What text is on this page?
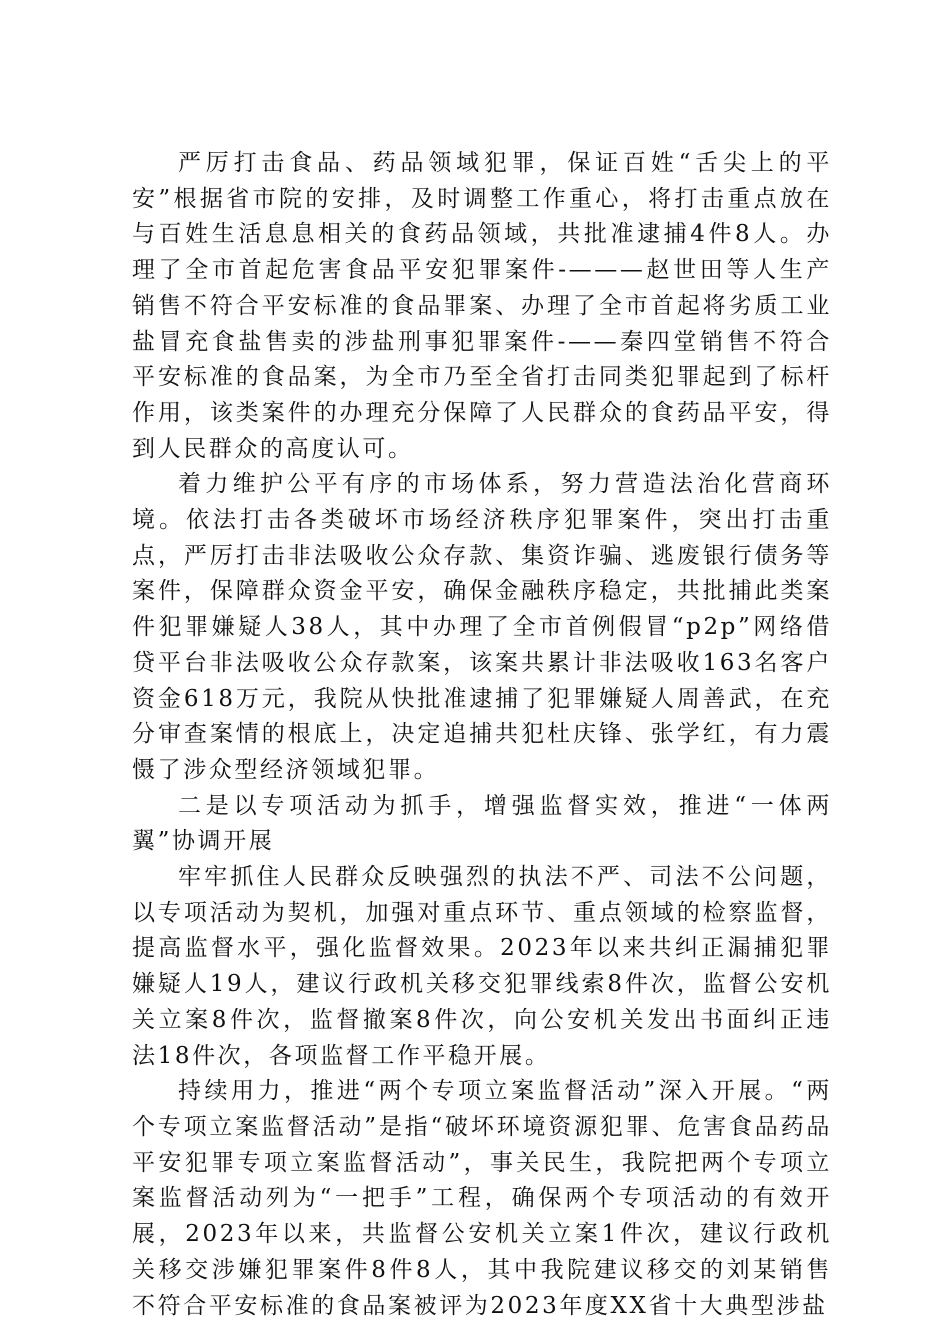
严厉打击食品、药品领域犯罪，保证百姓“舌尖上的平安”根据省市院的安排，及时调整工作重心，将打击重点放在与百姓生活息息相关的食药品领域，共批准逮捕4件8人。办理了全市首起危害食品平安犯罪案件-———赵世田等人生产销售不符合平安标准的食品罪案、办理了全市首起将劣质工业盐冒充食盐售卖的涉盐刑事犯罪案件-——秦四堂销售不符合平安标准的食品案，为全市乃至全省打击同类犯罪起到了标杆作用，该类案件的办理充分保障了人民群众的食药品平安，得到人民群众的高度认可。

着力维护公平有序的市场体系，努力营造法治化营商环境。依法打击各类破坏市场经济秩序犯罪案件，突出打击重点，严厉打击非法吸收公众存款、集资诈骗、逃废银行债务等案件，保障群众资金平安，确保金融秩序稳定，共批捕此类案件犯罪嫌疑人38人，其中办理了全市首例假冒“p2p”网络借贷平台非法吸收公众存款案，该案共累计非法吸收163名客户资金618万元，我院从快批准逮捕了犯罪嫌疑人周善武，在充分审查案情的根底上，决定追捕共犯杜庆锋、张学红，有力震慑了涉众型经济领域犯罪。

二是以专项活动为抓手，增强监督实效，推进“一体两翼”协调开展

牢牢抓住人民群众反映强烈的执法不严、司法不公问题，以专项活动为契机，加强对重点环节、重点领域的检察监督，提高监督水平，强化监督效果。2023年以来共纠正漏捕犯罪嫌疑人19人，建议行政机关移交犯罪线索8件次，监督公安机关立案8件次，监督撤案8件次，向公安机关发出书面纠正违法18件次，各项监督工作平稳开展。

持续用力，推进“两个专项立案监督活动”深入开展。“两个专项立案监督活动”是指“破坏环境资源犯罪、危害食品药品平安犯罪专项立案监督活动”，事关民生，我院把两个专项立案监督活动列为“一把手”工程，确保两个专项活动的有效开展，2023年以来，共监督公安机关立案1件次，建议行政机关移交涉嫌犯罪案件8件8人，其中我院建议移交的刘某销售不符合平安标准的食品案被评为2023年度XX省十大典型涉盐
